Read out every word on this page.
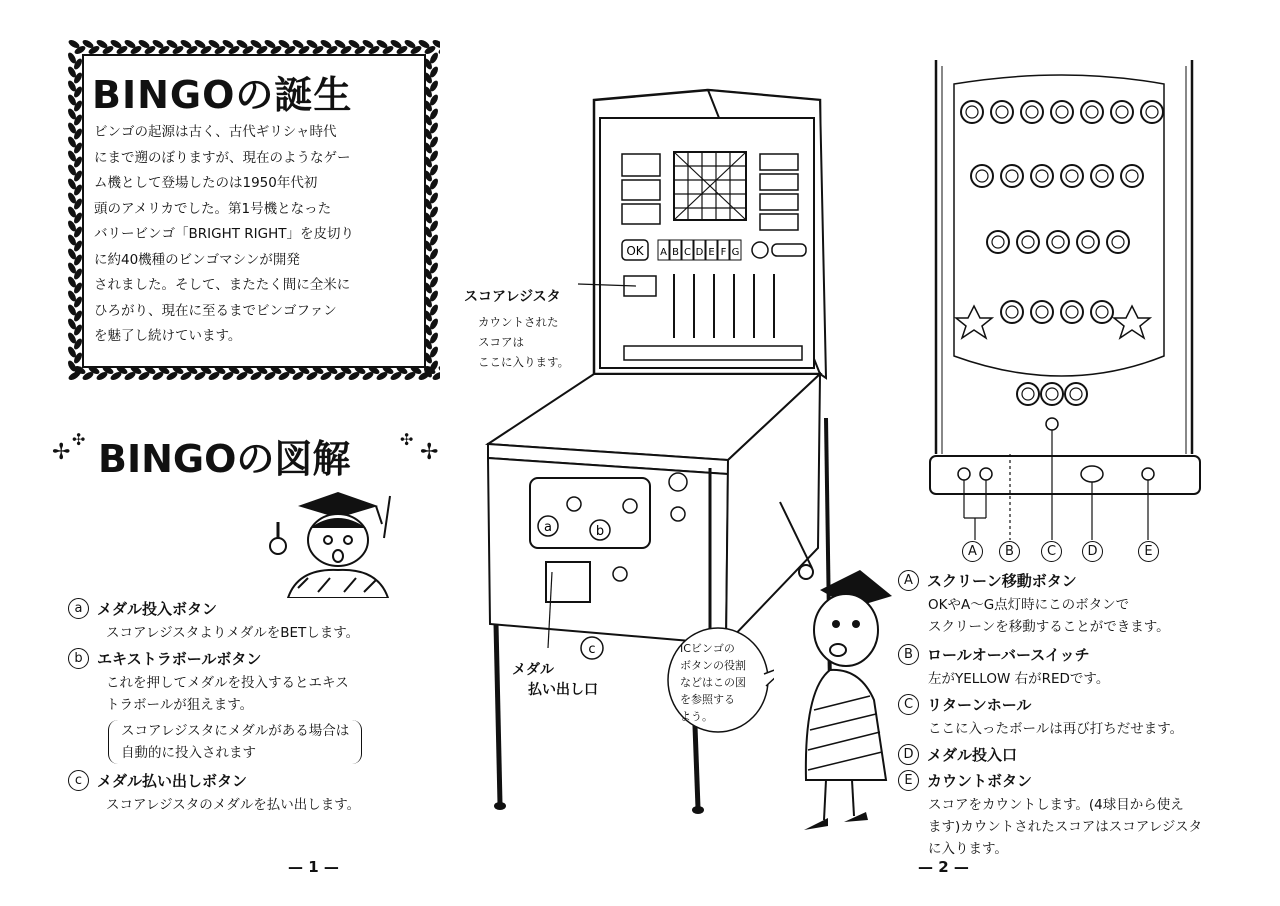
BINGOの誕生
ビンゴの起源は古く、古代ギリシャ時代
にまで遡のぼりますが、現在のようなゲー
ム機として登場したのは1950年代初
頭のアメリカでした。第1号機となった
バリービンゴ「BRIGHT RIGHT」を皮切り
に約40機種のビンゴマシンが開発
されました。そして、またたく間に全米に
ひろがり、現在に至るまでビンゴファン
を魅了し続けています。
✢
✣ BINGOの図解	✣
✢
a メダル投入ボタン
スコアレジスタよりメダルをBETします。
b エキストラボールボタン
これを押してメダルを投入するとエキス
トラボールが狙えます。
スコアレジスタにメダルがある場合は
自動的に投入されます
c メダル払い出しボタン
スコアレジスタのメダルを払い出します。
— 1 —
OK A B C D E F G
a	b
c
スコアレジスタ
カウントされた
スコアは
ここに入ります。
メダル
払い出し口
ICビンゴの
ボタンの役割
などはこの図
を参照する
よう。
A	B	C	D	E
A スクリーン移動ボタン
OKやA〜G点灯時にこのボタンで
スクリーンを移動することができます。
B ロールオーバースイッチ
左がYELLOW 右がREDです。
C リターンホール
ここに入ったボールは再び打ちだせます。
D メダル投入口
E カウントボタン
スコアをカウントします。(4球目から使え
ます)カウントされたスコアはスコアレジスタ
に入ります。
— 2 —
